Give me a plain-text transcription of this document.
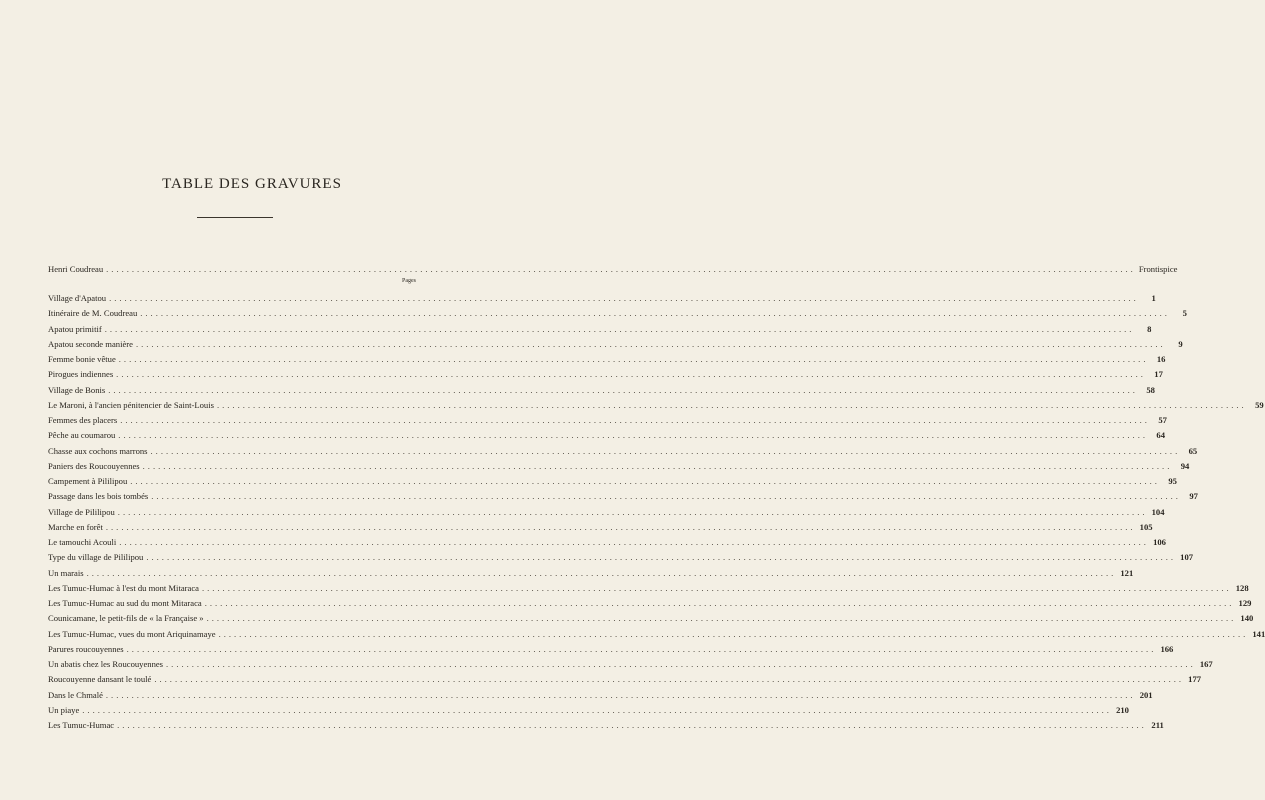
TABLE DES GRAVURES
Henri Coudreau ........................................................................................................................................................................................................ Frontispice
Pages
Village d'Apatou ........................................................................................................................................................................................................	1
Itinéraire de M. Coudreau ........................................................................................................................................................................................................	5
Apatou primitif ........................................................................................................................................................................................................	8
Apatou seconde manière ........................................................................................................................................................................................................	9
Femme bonie vêtue ........................................................................................................................................................................................................ 16
Pirogues indiennes ........................................................................................................................................................................................................ 17
Village de Bonis ........................................................................................................................................................................................................ 58
Le Maroni, à l'ancien pénitencier de Saint-Louis ........................................................................................................................................................................................................ 59
Femmes des placers ........................................................................................................................................................................................................ 57
Pêche au coumarou ........................................................................................................................................................................................................ 64
Chasse aux cochons marrons ........................................................................................................................................................................................................ 65
Paniers des Roucouyennes ........................................................................................................................................................................................................ 94
Campement à Pililipou ........................................................................................................................................................................................................ 95
Passage dans les bois tombés ........................................................................................................................................................................................................ 97
Village de Pililipou ........................................................................................................................................................................................................ 104
Marche en forêt ........................................................................................................................................................................................................ 105
Le tamouchi Acouli ........................................................................................................................................................................................................ 106
Type du village de Pililipou ........................................................................................................................................................................................................ 107
Un marais ........................................................................................................................................................................................................ 121
Les Tumuc-Humac à l'est du mont Mitaraca ........................................................................................................................................................................................................ 128
Les Tumuc-Humac au sud du mont Mitaraca ........................................................................................................................................................................................................ 129
Counicamane, le petit-fils de « la Française » ........................................................................................................................................................................................................ 140
Les Tumuc-Humac, vues du mont Ariquinamaye ........................................................................................................................................................................................................ 141
Parures roucouyennes ........................................................................................................................................................................................................ 166
Un abatis chez les Roucouyennes ........................................................................................................................................................................................................ 167
Roucouyenne dansant le toulé ........................................................................................................................................................................................................ 177
Dans le Chmalé ........................................................................................................................................................................................................ 201
Un piaye ........................................................................................................................................................................................................ 210
Les Tumuc-Humac ........................................................................................................................................................................................................ 211
